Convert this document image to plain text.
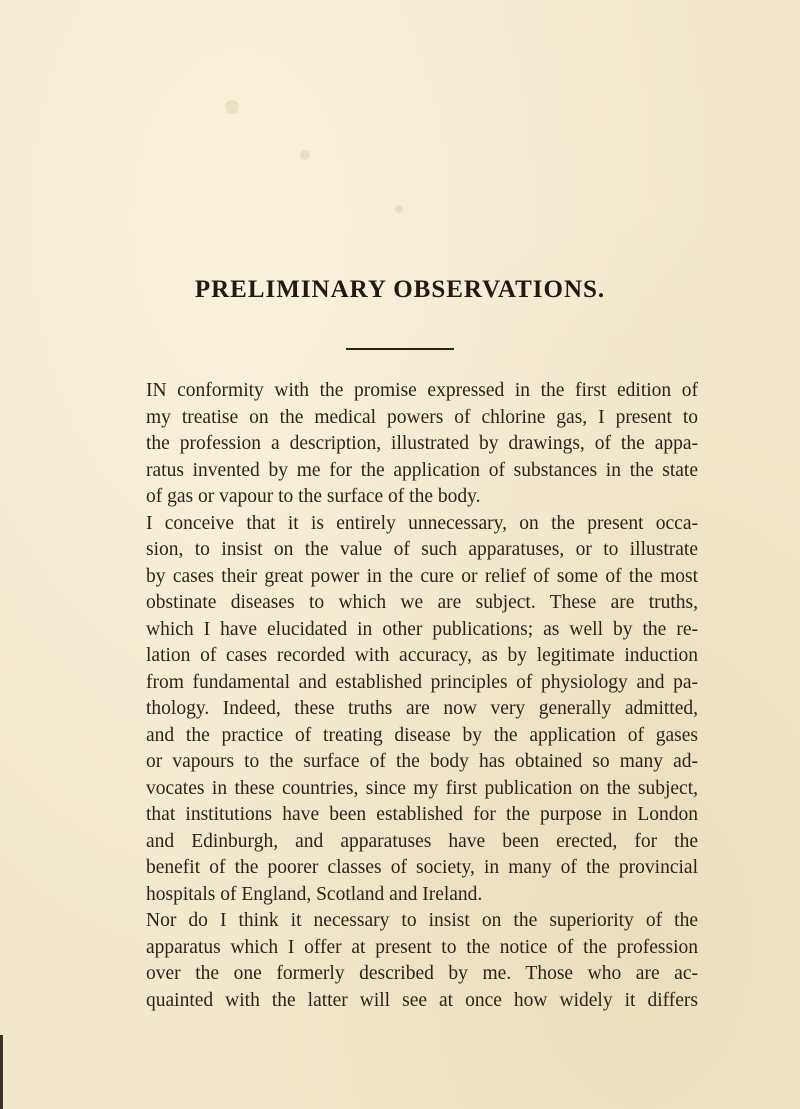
PRELIMINARY OBSERVATIONS.

IN conformity with the promise expressed in the first edition of
my treatise on the medical powers of chlorine gas, I present to
the profession a description, illustrated by drawings, of the appa-
ratus invented by me for the application of substances in the state
of gas or vapour to the surface of the body.

I conceive that it is entirely unnecessary, on the present occa-
sion, to insist on the value of such apparatuses, or to illustrate
by cases their great power in the cure or relief of some of the most
obstinate diseases to which we are subject. These are truths,
which I have elucidated in other publications; as well by the re-
lation of cases recorded with accuracy, as by legitimate induction
from fundamental and established principles of physiology and pa-
thology. Indeed, these truths are now very generally admitted,
and the practice of treating disease by the application of gases
or vapours to the surface of the body has obtained so many ad-
vocates in these countries, since my first publication on the subject,
that institutions have been established for the purpose in London
and Edinburgh, and apparatuses have been erected, for the
benefit of the poorer classes of society, in many of the provincial
hospitals of England, Scotland and Ireland.

Nor do I think it necessary to insist on the superiority of the
apparatus which I offer at present to the notice of the profession
over the one formerly described by me. Those who are ac-
quainted with the latter will see at once how widely it differs
